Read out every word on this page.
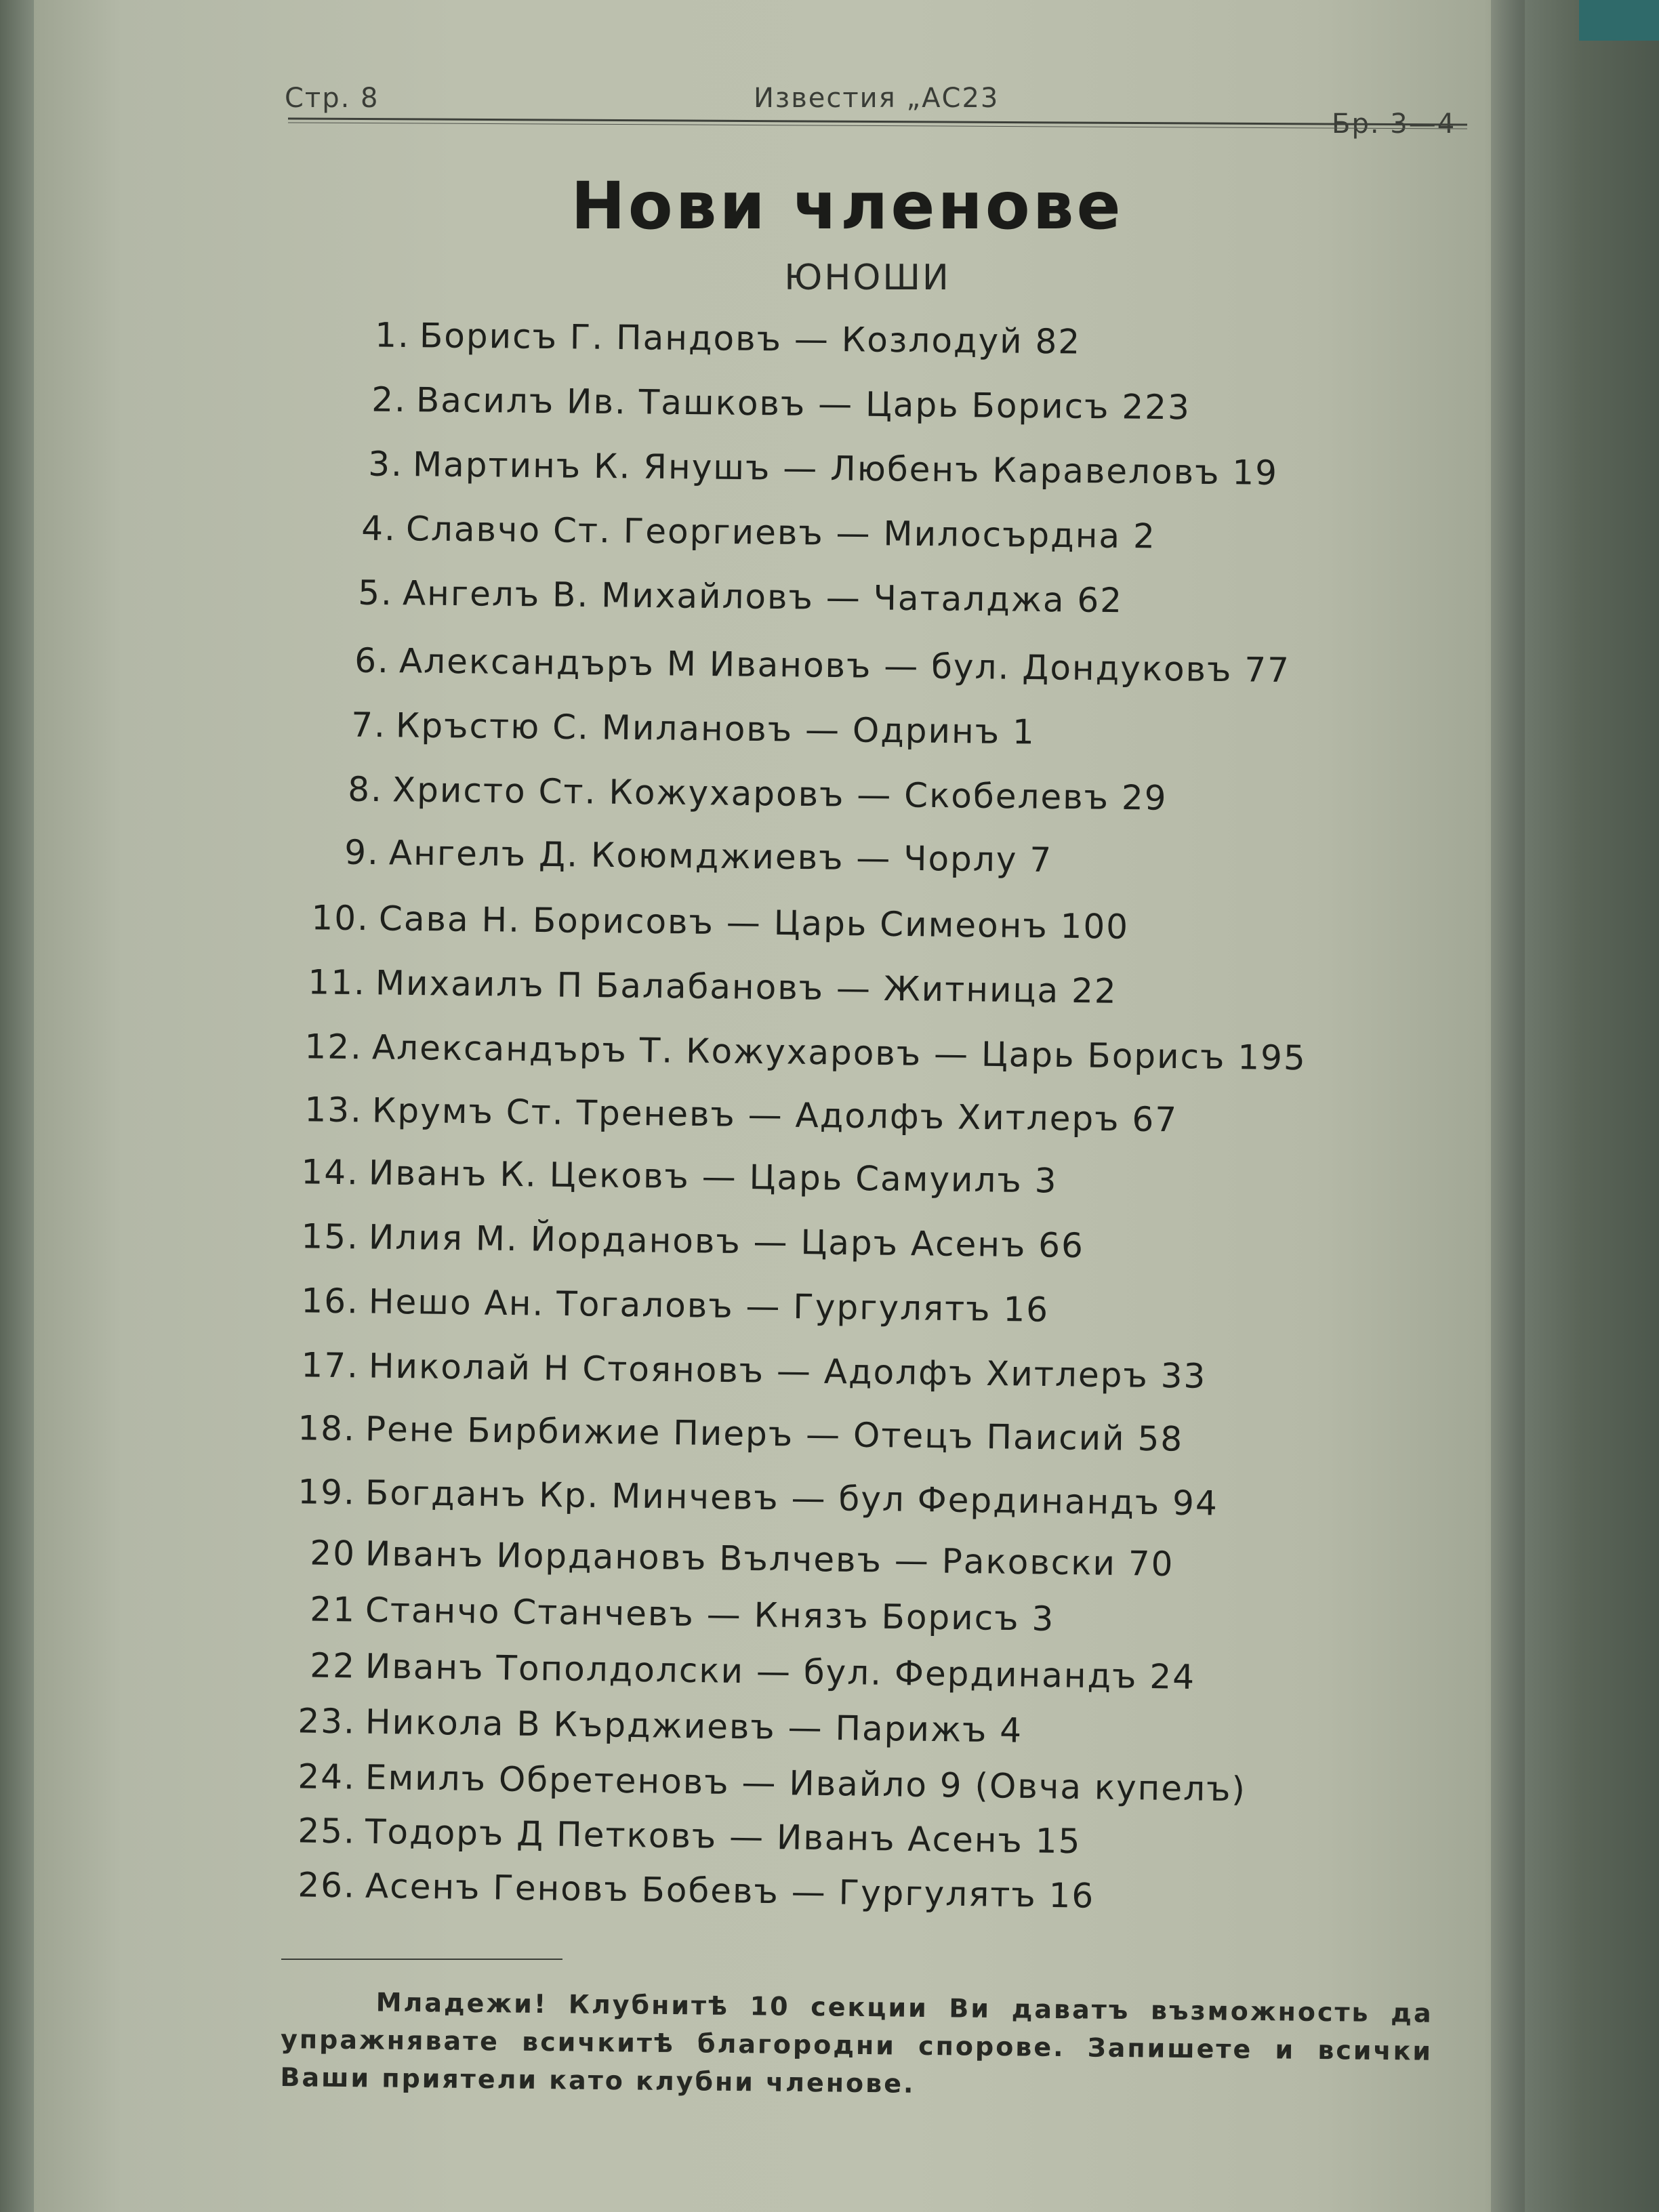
Стр. 8	Известия „АС23
Бр. 3—4
Нови членове
ЮНОШИ
1. Борисъ Г. Пандовъ — Козлодуй 82
2. Василъ Ив. Ташковъ — Царь Борисъ 223
3. Мартинъ К. Янушъ — Любенъ Каравеловъ 19
4. Славчо Ст. Георгиевъ — Милосърдна 2
5. Ангелъ В. Михайловъ — Чаталджа 62
6. Александъръ М Ивановъ — бул. Дондуковъ 77
7. Кръстю С. Милановъ — Одринъ 1
8. Христо Ст. Кожухаровъ — Скобелевъ 29
9. Ангелъ Д. Коюмджиевъ — Чорлу 7
10. Сава Н. Борисовъ — Царь Симеонъ 100
11. Михаилъ П Балабановъ — Житница 22
12. Александъръ Т. Кожухаровъ — Царь Борисъ 195
13. Крумъ Ст. Треневъ — Адолфъ Хитлеръ 67
14. Иванъ К. Цековъ — Царь Самуилъ 3
15. Илия М. Йордановъ — Царъ Асенъ 66
16. Нешо Ан. Тогаловъ — Гургулятъ 16
17. Николай Н Стояновъ — Адолфъ Хитлеръ 33
18. Рене Бирбижие Пиеръ — Отецъ Паисий 58
19. Богданъ Кр. Минчевъ — бул Фердинандъ 94
20 Иванъ Иордановъ Вълчевъ — Раковски 70
21 Станчо Станчевъ — Князъ Борисъ 3
22 Иванъ Тополдолски — бул. Фердинандъ 24
23. Никола В Кърджиевъ — Парижъ 4
24. Емилъ Обретеновъ — Ивайло 9 (Овча купелъ)
25. Тодоръ Д Петковъ — Иванъ Асенъ 15
26. Асенъ Геновъ Бобевъ — Гургулятъ 16
Младежи! Клубнитѣ 10 секции Ви даватъ възможность да упражнявате всичкитѣ благородни спорове. Запишете и всички Ваши приятели като клубни членове.
